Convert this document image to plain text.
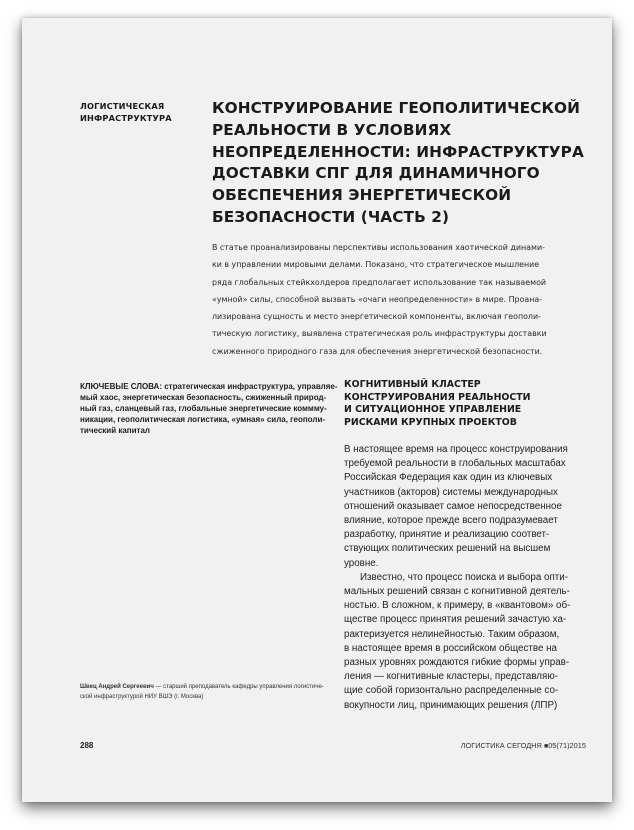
ЛОГИСТИЧЕСКАЯ
ИНФРАСТРУКТУРА
КОНСТРУИРОВАНИЕ ГЕОПОЛИТИЧЕСКОЙ
РЕАЛЬНОСТИ В УСЛОВИЯХ
НЕОПРЕДЕЛЕННОСТИ: ИНФРАСТРУКТУРА
ДОСТАВКИ СПГ ДЛЯ ДИНАМИЧНОГО
ОБЕСПЕЧЕНИЯ ЭНЕРГЕТИЧЕСКОЙ
БЕЗОПАСНОСТИ (ЧАСТЬ 2)
В статье проанализированы перспективы использования хаотической динами-
ки в управлении мировыми делами. Показано, что стратегическое мышление
ряда глобальных стейкхолдеров предполагает использование так называемой
«умной» силы, способной вызвать «очаги неопределенности» в мире. Проана-
лизирована сущность и место энергетической компоненты, включая геополи-
тическую логистику, выявлена стратегическая роль инфраструктуры доставки
сжиженного природного газа для обеспечения энергетической безопасности.
КЛЮЧЕВЫЕ СЛОВА: стратегическая инфраструктура, управляе-
мый хаос, энергетическая безопасность, сжиженный природ-
ный газ, сланцевый газ, глобальные энергетические коммму-
никации, геополитическая логистика, «умная» сила, геополи-
тический капитал
КОГНИТИВНЫЙ КЛАСТЕР
КОНСТРУИРОВАНИЯ РЕАЛЬНОСТИ
И СИТУАЦИОННОЕ УПРАВЛЕНИЕ
РИСКАМИ КРУПНЫХ ПРОЕКТОВ
В настоящее время на процесс конструирования
требуемой реальности в глобальных масштабах
Российская Федерация как один из ключевых
участников (акторов) системы международных
отношений оказывает самое непосредственное
влияние, которое прежде всего подразумевает
разработку, принятие и реализацию соответ-
ствующих политических решений на высшем
уровне.
Известно, что процесс поиска и выбора опти-
мальных решений связан с когнитивной деятель-
ностью. В сложном, к примеру, в «квантовом» об-
ществе процесс принятия решений зачастую ха-
рактеризуется нелинейностью. Таким образом,
в настоящее время в российском обществе на
разных уровнях рождаются гибкие формы управ-
ления — когнитивные кластеры, представляю-
щие собой горизонтально распределенные со-
вокупности лиц, принимающих решения (ЛПР)
Швец Андрей Сергеевич — старший преподаватель кафедры управления логистиче-
ской инфраструктурой НИУ ВШЭ (г. Москва)
288	ЛОГИСТИКА СЕГОДНЯ ■05(71)2015
